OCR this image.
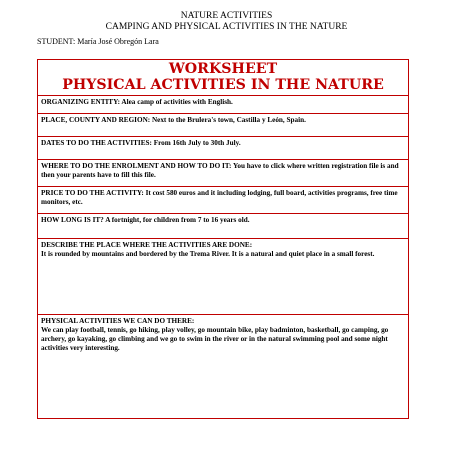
NATURE ACTIVITIES
CAMPING AND PHYSICAL ACTIVITIES IN THE NATURE
STUDENT: María José Obregón Lara
WORKSHEET
PHYSICAL ACTIVITIES IN THE NATURE
ORGANIZING ENTITY: Alea camp of activities with English.
PLACE, COUNTY AND REGION: Next to the Brulera's town, Castilla y León, Spain.
DATES TO DO THE ACTIVITIES: From 16th July to 30th July.
WHERE TO DO THE ENROLMENT AND HOW TO DO IT: You have to click where written registration file is and then your parents have to fill this file.
PRICE TO DO THE ACTIVITY: It cost 580 euros and it including lodging, full board, activities programs, free time monitors, etc.
HOW LONG IS IT? A fortnight, for children from 7 to 16 years old.
DESCRIBE THE PLACE WHERE THE ACTIVITIES ARE DONE:
It is rounded by mountains and bordered by the Trema River. It is a natural and quiet place in a small forest.
PHYSICAL ACTIVITIES WE CAN DO THERE:
We can play football, tennis, go hiking, play volley, go mountain bike, play badminton, basketball, go camping, go archery, go kayaking, go climbing and we go to swim in the river or in the natural swimming pool and some night activities very interesting.
